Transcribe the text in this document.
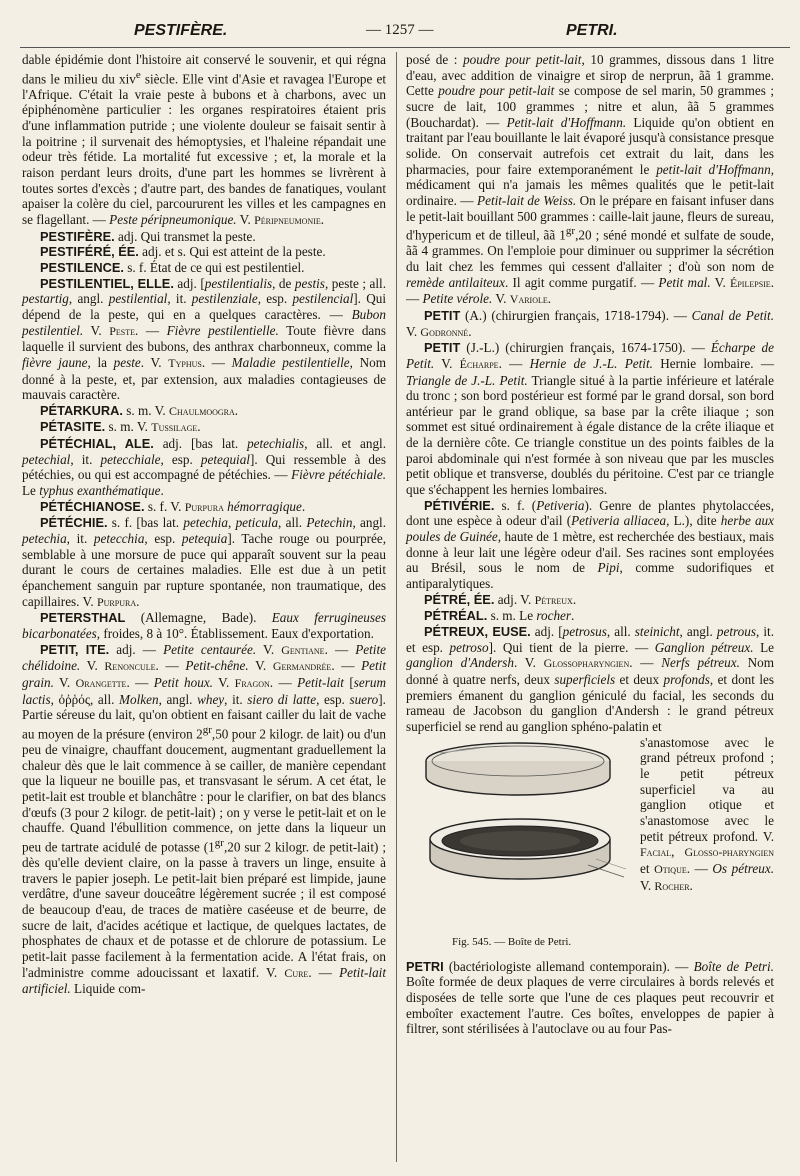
PESTIFÈRE.	— 1257 —	PETRI.

dable épidémie dont l'histoire ait conservé le souvenir, et qui régna dans le milieu du xiv$^e$ siècle. Elle vint d'Asie et ravagea l'Europe et l'Afrique. C'était la vraie peste à bubons et à charbons, avec un épiphénomène particulier : les organes respiratoires étaient pris d'une inflammation putride ; une violente douleur se faisait sentir à la poitrine ; il survenait des hémoptysies, et l'haleine répandait une odeur très fétide. La mortalité fut excessive ; et, la morale et la raison perdant leurs droits, d'une part les hommes se livrèrent à toutes sortes d'excès ; d'autre part, des bandes de fanatiques, voulant apaiser la colère du ciel, parcoururent les villes et les campagnes en se flagellant. — Peste péripneumonique. V. Péripneumonie.

PESTIFÈRE. adj. Qui transmet la peste.

PESTIFÉRÉ, ÉE. adj. et s. Qui est atteint de la peste.

PESTILENCE. s. f. État de ce qui est pestilentiel.

PESTILENTIEL, ELLE. adj. [pestilentialis, de pestis, peste ; all. pestartig, angl. pestilential, it. pestilenziale, esp. pestilencial]. Qui dépend de la peste, qui en a quelques caractères. — Bubon pestilentiel. V. Peste. — Fièvre pestilentielle. Toute fièvre dans laquelle il survient des bubons, des anthrax charbonneux, comme la fièvre jaune, la peste. V. Typhus. — Maladie pestilentielle, Nom donné à la peste, et, par extension, aux maladies contagieuses de mauvais caractère.

PÉTARKURA. s. m. V. Chaulmoogra.

PÉTASITE. s. m. V. Tussilage.

PÉTÉCHIAL, ALE. adj. [bas lat. petechialis, all. et angl. petechial, it. petecchiale, esp. petequial]. Qui ressemble à des pétéchies, ou qui est accompagné de pétéchies. — Fièvre pétéchiale. Le typhus exanthématique.

PÉTÉCHIANOSE. s. f. V. Purpura hémorragique.

PÉTÉCHIE. s. f. [bas lat. petechia, peticula, all. Petechin, angl. petechia, it. petecchia, esp. petequia]. Tache rouge ou pourprée, semblable à une morsure de puce qui apparaît souvent sur la peau durant le cours de certaines maladies. Elle est due à un petit épanchement sanguin par rupture spontanée, non traumatique, des capillaires. V. Purpura.

PETERSTHAL (Allemagne, Bade). Eaux ferrugineuses bicarbonatées, froides, 8 à 10°. Établissement. Eaux d'exportation.

PETIT, ITE. adj. — Petite centaurée. V. Gentiane. — Petite chélidoine. V. Renoncule. — Petit-chêne. V. Germandrée. — Petit grain. V. Orangette. — Petit houx. V. Fragon. — Petit-lait [serum lactis, ὀῤῥός, all. Molken, angl. whey, it. siero di latte, esp. suero]. Partie séreuse du lait, qu'on obtient en faisant cailler du lait de vache au moyen de la présure (environ $2^{gr},50$ pour 2 kilogr. de lait) ou d'un peu de vinaigre, chauffant doucement, augmentant graduellement la chaleur dès que le lait commence à se cailler, de manière cependant que la liqueur ne bouille pas, et transvasant le sérum. A cet état, le petit-lait est trouble et blanchâtre : pour le clarifier, on bat des blancs d'œufs (3 pour 2 kilogr. de petit-lait) ; on y verse le petit-lait et on le chauffe. Quand l'ébullition commence, on jette dans la liqueur un peu de tartrate acidulé de potasse ($1^{gr},20$ sur 2 kilogr. de petit-lait) ; dès qu'elle devient claire, on la passe à travers un linge, ensuite à travers le papier joseph. Le petit-lait bien préparé est limpide, jaune verdâtre, d'une saveur douceâtre légèrement sucrée ; il est composé de beaucoup d'eau, de traces de matière caséeuse et de beurre, de sucre de lait, d'acides acétique et lactique, de quelques lactates, de phosphates de chaux et de potasse et de chlorure de potassium. Le petit-lait passe facilement à la fermentation acide. A l'état frais, on l'administre comme adoucissant et laxatif. V. Cure. — Petit-lait artificiel. Liquide com-

posé de : poudre pour petit-lait, 10 grammes, dissous dans 1 litre d'eau, avec addition de vinaigre et sirop de nerprun, ãã 1 gramme. Cette poudre pour petit-lait se compose de sel marin, 50 grammes ; sucre de lait, 100 grammes ; nitre et alun, ãã 5 grammes (Bouchardat). — Petit-lait d'Hoffmann. Liquide qu'on obtient en traitant par l'eau bouillante le lait évaporé jusqu'à consistance presque solide. On conservait autrefois cet extrait du lait, dans les pharmacies, pour faire extemporanément le petit-lait d'Hoffmann, médicament qui n'a jamais les mêmes qualités que le petit-lait ordinaire. — Petit-lait de Weiss. On le prépare en faisant infuser dans le petit-lait bouillant 500 grammes : caille-lait jaune, fleurs de sureau, d'hypericum et de tilleul, ãã $1^{gr},20$ ; séné mondé et sulfate de soude, ãã 4 grammes. On l'emploie pour diminuer ou supprimer la sécrétion du lait chez les femmes qui cessent d'allaiter ; d'où son nom de remède antilaiteux. Il agit comme purgatif. — Petit mal. V. Épilepsie. — Petite vérole. V. Variole.

PETIT (A.) (chirurgien français, 1718-1794). — Canal de Petit. V. Godronné.

PETIT (J.-L.) (chirurgien français, 1674-1750). — Écharpe de Petit. V. Écharpe. — Hernie de J.-L. Petit. Hernie lombaire. — Triangle de J.-L. Petit. Triangle situé à la partie inférieure et latérale du tronc ; son bord postérieur est formé par le grand dorsal, son bord antérieur par le grand oblique, sa base par la crête iliaque ; son sommet est situé ordinairement à égale distance de la crête iliaque et de la dernière côte. Ce triangle constitue un des points faibles de la paroi abdominale qui n'est formée à son niveau que par les muscles petit oblique et transverse, doublés du péritoine. C'est par ce triangle que s'échappent les hernies lombaires.

PÉTIVÉRIE. s. f. (Petiveria). Genre de plantes phytolaccées, dont une espèce à odeur d'ail (Petiveria alliacea, L.), dite herbe aux poules de Guinée, haute de 1 mètre, est recherchée des bestiaux, mais donne à leur lait une légère odeur d'ail. Ses racines sont employées au Brésil, sous le nom de Pipi, comme sudorifiques et antiparalytiques.

PÉTRÉ, ÉE. adj. V. Pétreux.

PÉTRÉAL. s. m. Le rocher.

PÉTREUX, EUSE. adj. [petrosus, all. steinicht, angl. petrous, it. et esp. petroso]. Qui tient de la pierre. — Ganglion pétreux. Le ganglion d'Andersh. V. Glossopharyngien. — Nerfs pétreux. Nom donné à quatre nerfs, deux superficiels et deux profonds, et dont les premiers émanent du ganglion géniculé du facial, les seconds du rameau de Jacobson du ganglion d'Andersh : le grand pétreux superficiel se rend au ganglion sphéno-palatin et

Fig. 545. — Boîte de Petri.

s'anastomose avec le grand pétreux profond ; le petit pétreux superficiel va au ganglion otique et s'anastomose avec le petit pétreux profond. V. Facial, Glosso-pharyngien et Otique. — Os pétreux. V. Rocher.

PETRI (bactériologiste allemand contemporain). — Boîte de Petri. Boîte formée de deux plaques de verre circulaires à bords relevés et disposées de telle sorte que l'une de ces plaques peut recouvrir et emboîter exactement l'autre. Ces boîtes, enveloppes de papier à filtrer, sont stérilisées à l'autoclave ou au four Pas-
